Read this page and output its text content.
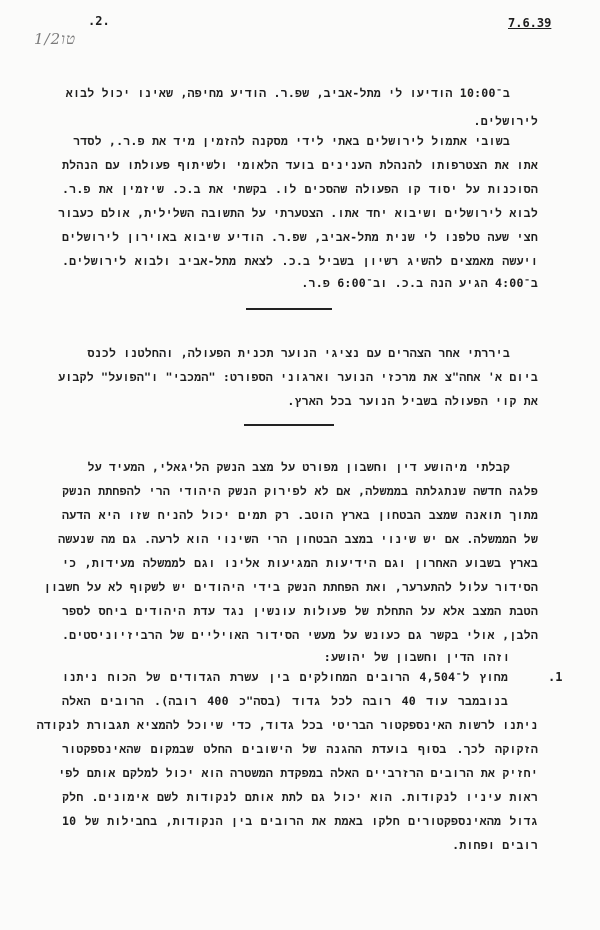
.2.	7.6.39
1/2טו
ב־10:00 הודיעו לי מתל-אביב, שפ.ר. הודיע מחיפה, שאינו יכול לבוא
לירושלים.
בשובי אתמול לירושלים באתי לידי מסקנה להזמין מיד את פ.ר., לסדר
אתו את הצטרפותו להנהלת הענינים בועד הלאומי ולשיתוף פעולתו עם הנהלת
הסוכנות על יסוד קו הפעולה שהסכים לו. בקשתי את ב.כ. שיזמין את פ.ר.
לבוא לירושלים ושיבוא יחד אתו. הצטערתי על התשובה השלילית, אולם כעבור
חצי שעה טלפנו לי שנית מתל-אביב, שפ.ר. הודיע שיבוא באוירון לירושלים
ויעשה מאמצים להשיג רשיון בשביל ב.כ. לצאת מתל-אביב ולבוא לירושלים.
ב־4:00 הגיע הנה ב.כ. וב־6:00 פ.ר.
ביררתי אחר הצהרים עם נציגי הנוער תכנית הפעולה, והחלטנו לכנס
ביום א' אחה"צ את מרכזי הנוער וארגוני הספורט: "המכבי" ו"הפועל" לקבוע
את קוי הפעולה בשביל הנוער בכל הארץ.
קבלתי מיהושע דין וחשבון מפורט על מצב הנשק הליגאלי, המעיד על
פלגה חדשה שנתגלתה בממשלה, אם לא לפירוק הנשק היהודי הרי להפחתת הנשק
מתוך תואנה שמצב הבטחון בארץ הוטב. רק תמים יכול להניח שזו היא הדעה
של הממשלה. אם יש שינוי במצב הבטחון הרי השינוי הוא לרעה. גם מה שנעשה
בארץ בשבוע האחרון וגם הידיעות המגיעות אלינו וגם לממשלה מעידות, כי
הסידור עלול להתערער, ואת הפחתת הנשק בידי היהודים יש לשקוף לא על חשבון
הטבת המצב אלא על התחלת של פעולות עונשין נגד עדת היהודים ביחס לספר
הלבן, אולי בקשר גם כעונש על מעשי הסידור האויליים של הרביזיוניסטים.
וזהו הדין וחשבון של יהושע:
.1
מחוץ ל־4,504 הרובים המחולקים בין עשרת הגדודים של הכוח ניתנו
בנובמבר עוד 40 רובה לכל גדוד (בסה"כ 400 רובה). הרובים האלה
ניתנו לרשות האינספקטור הבריטי בכל גדוד, כדי שיוכל להמציא תגבורת לנקודה
הזקוקה לכך. בסוף בועדת ההגנה של הישובים החלט שבמקום שהאינספקטור
יחזיק את הרובים הרזרביים האלה במפקדת המשטרה הוא יכול למלקם אותם לפי
ראות עיניו לנקודות. הוא יכול גם לתת אותם לנקודות לשם אימונים. חלק
גדול מהאינספקטורים חלקו באמת את הרובים בין הנקודות, בחבילות של 10
רובים ופחות.
